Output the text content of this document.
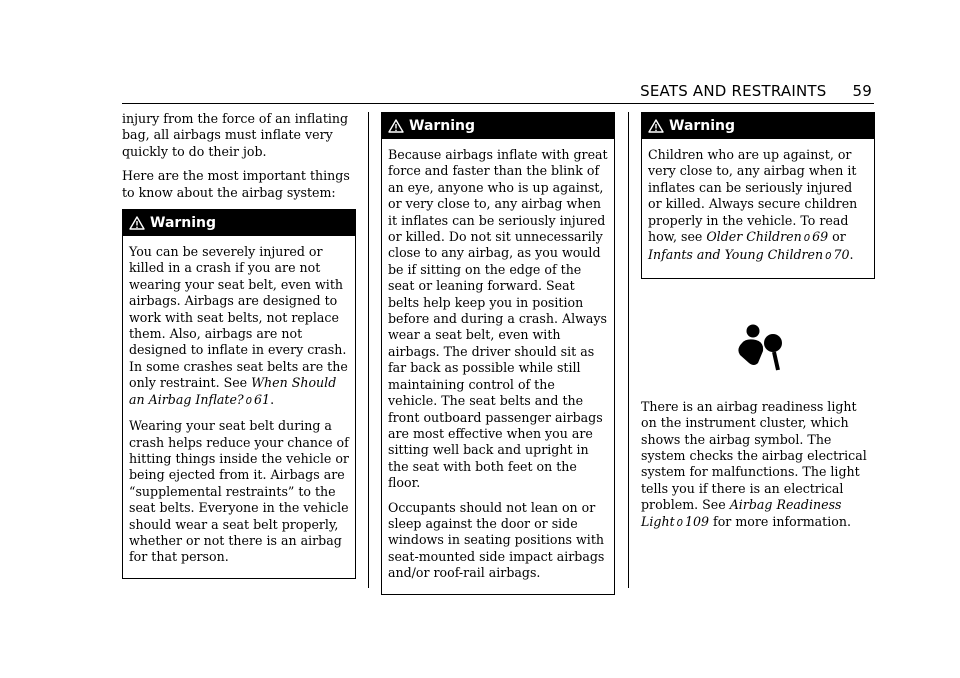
SEATS AND RESTRAINTS 59

injury from the force of an inflating bag, all airbags must inflate very quickly to do their job.

Here are the most important things to know about the airbag system:

Warning

You can be severely injured or killed in a crash if you are not wearing your seat belt, even with airbags. Airbags are designed to work with seat belts, not replace them. Also, airbags are not designed to inflate in every crash. In some crashes seat belts are the only restraint. See When Should an Airbag Inflate? 0 61.

Wearing your seat belt during a crash helps reduce your chance of hitting things inside the vehicle or being ejected from it. Airbags are “supplemental restraints” to the seat belts. Everyone in the vehicle should wear a seat belt properly, whether or not there is an airbag for that person.

Warning

Because airbags inflate with great force and faster than the blink of an eye, anyone who is up against, or very close to, any airbag when it inflates can be seriously injured or killed. Do not sit unnecessarily close to any airbag, as you would be if sitting on the edge of the seat or leaning forward. Seat belts help keep you in position before and during a crash. Always wear a seat belt, even with airbags. The driver should sit as far back as possible while still maintaining control of the vehicle. The seat belts and the front outboard passenger airbags are most effective when you are sitting well back and upright in the seat with both feet on the floor.

Occupants should not lean on or sleep against the door or side windows in seating positions with seat-mounted side impact airbags and/or roof-rail airbags.

Warning

Children who are up against, or very close to, any airbag when it inflates can be seriously injured or killed. Always secure children properly in the vehicle. To read how, see Older Children 0 69 or Infants and Young Children 0 70.

There is an airbag readiness light on the instrument cluster, which shows the airbag symbol. The system checks the airbag electrical system for malfunctions. The light tells you if there is an electrical problem. See Airbag Readiness Light 0 109 for more information.
